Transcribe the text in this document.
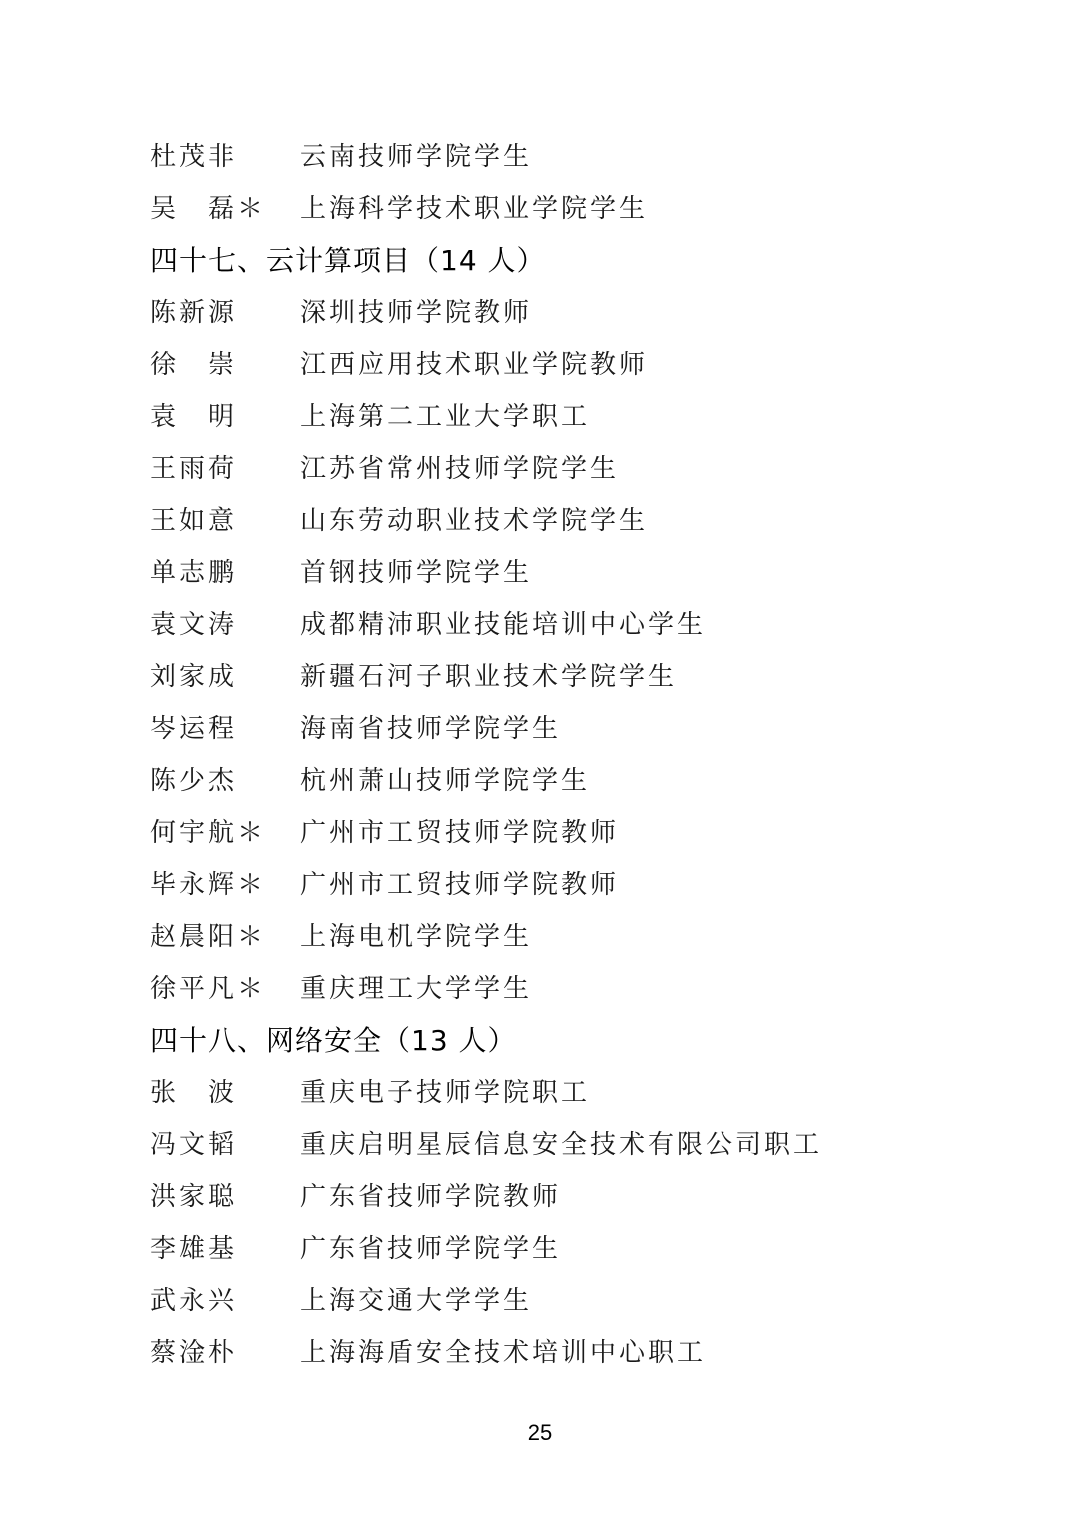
杜茂非 云南技师学院学生
吴　磊＊ 上海科学技术职业学院学生
四十七、云计算项目（14 人）
陈新源 深圳技师学院教师
徐　崇 江西应用技术职业学院教师
袁　明 上海第二工业大学职工
王雨荷 江苏省常州技师学院学生
王如意 山东劳动职业技术学院学生
单志鹏 首钢技师学院学生
袁文涛 成都精沛职业技能培训中心学生
刘家成 新疆石河子职业技术学院学生
岑运程 海南省技师学院学生
陈少杰 杭州萧山技师学院学生
何宇航＊ 广州市工贸技师学院教师
毕永辉＊ 广州市工贸技师学院教师
赵晨阳＊ 上海电机学院学生
徐平凡＊ 重庆理工大学学生
四十八、网络安全（13 人）
张　波 重庆电子技师学院职工
冯文韬 重庆启明星辰信息安全技术有限公司职工
洪家聪 广东省技师学院教师
李雄基 广东省技师学院学生
武永兴 上海交通大学学生
蔡淦朴 上海海盾安全技术培训中心职工
25
